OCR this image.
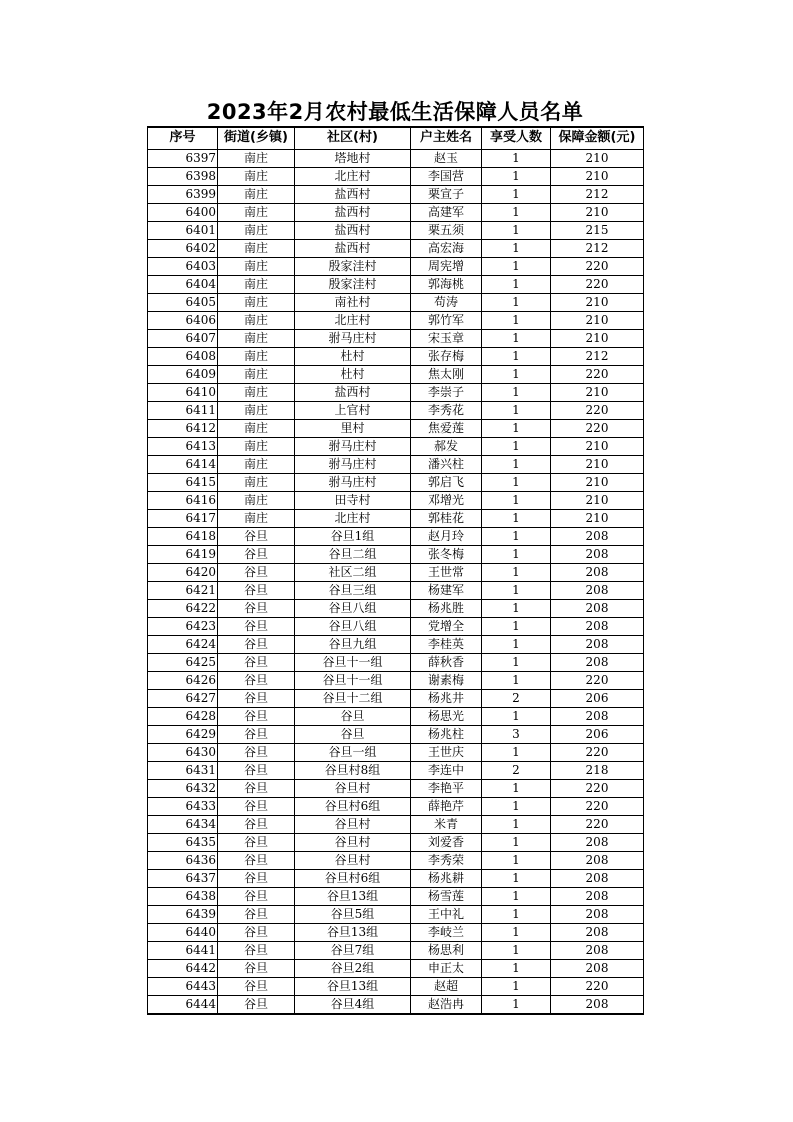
2023年2月农村最低生活保障人员名单
序号	街道(乡镇)	社区(村)	户主姓名	享受人数	保障金额(元)
6397	南庄	塔地村	赵玉	1	210
6398	南庄	北庄村	李国营	1	210
6399	南庄	盐西村	栗宣子	1	212
6400	南庄	盐西村	高建军	1	210
6401	南庄	盐西村	栗五须	1	215
6402	南庄	盐西村	高宏海	1	212
6403	南庄	殷家洼村	周宪增	1	220
6404	南庄	殷家洼村	郭海桃	1	220
6405	南庄	南社村	苟涛	1	210
6406	南庄	北庄村	郭竹军	1	210
6407	南庄	驸马庄村	宋玉章	1	210
6408	南庄	杜村	张存梅	1	212
6409	南庄	杜村	焦太刚	1	220
6410	南庄	盐西村	李崇子	1	210
6411	南庄	上官村	李秀花	1	220
6412	南庄	里村	焦爱莲	1	220
6413	南庄	驸马庄村	郝发	1	210
6414	南庄	驸马庄村	潘兴柱	1	210
6415	南庄	驸马庄村	郭启飞	1	210
6416	南庄	田寺村	邓增光	1	210
6417	南庄	北庄村	郭桂花	1	210
6418	谷旦	谷旦1组	赵月玲	1	208
6419	谷旦	谷旦二组	张冬梅	1	208
6420	谷旦	社区二组	王世常	1	208
6421	谷旦	谷旦三组	杨建军	1	208
6422	谷旦	谷旦八组	杨兆胜	1	208
6423	谷旦	谷旦八组	党增全	1	208
6424	谷旦	谷旦九组	李桂英	1	208
6425	谷旦	谷旦十一组	薛秋香	1	208
6426	谷旦	谷旦十一组	谢素梅	1	220
6427	谷旦	谷旦十二组	杨兆井	2	206
6428	谷旦	谷旦	杨思光	1	208
6429	谷旦	谷旦	杨兆柱	3	206
6430	谷旦	谷旦一组	王世庆	1	220
6431	谷旦	谷旦村8组	李连中	2	218
6432	谷旦	谷旦村	李艳平	1	220
6433	谷旦	谷旦村6组	薛艳芹	1	220
6434	谷旦	谷旦村	米青	1	220
6435	谷旦	谷旦村	刘爱香	1	208
6436	谷旦	谷旦村	李秀荣	1	208
6437	谷旦	谷旦村6组	杨兆耕	1	208
6438	谷旦	谷旦13组	杨雪莲	1	208
6439	谷旦	谷旦5组	王中礼	1	208
6440	谷旦	谷旦13组	李岐兰	1	208
6441	谷旦	谷旦7组	杨思利	1	208
6442	谷旦	谷旦2组	申正太	1	208
6443	谷旦	谷旦13组	赵超	1	220
6444	谷旦	谷旦4组	赵浩冉	1	208
